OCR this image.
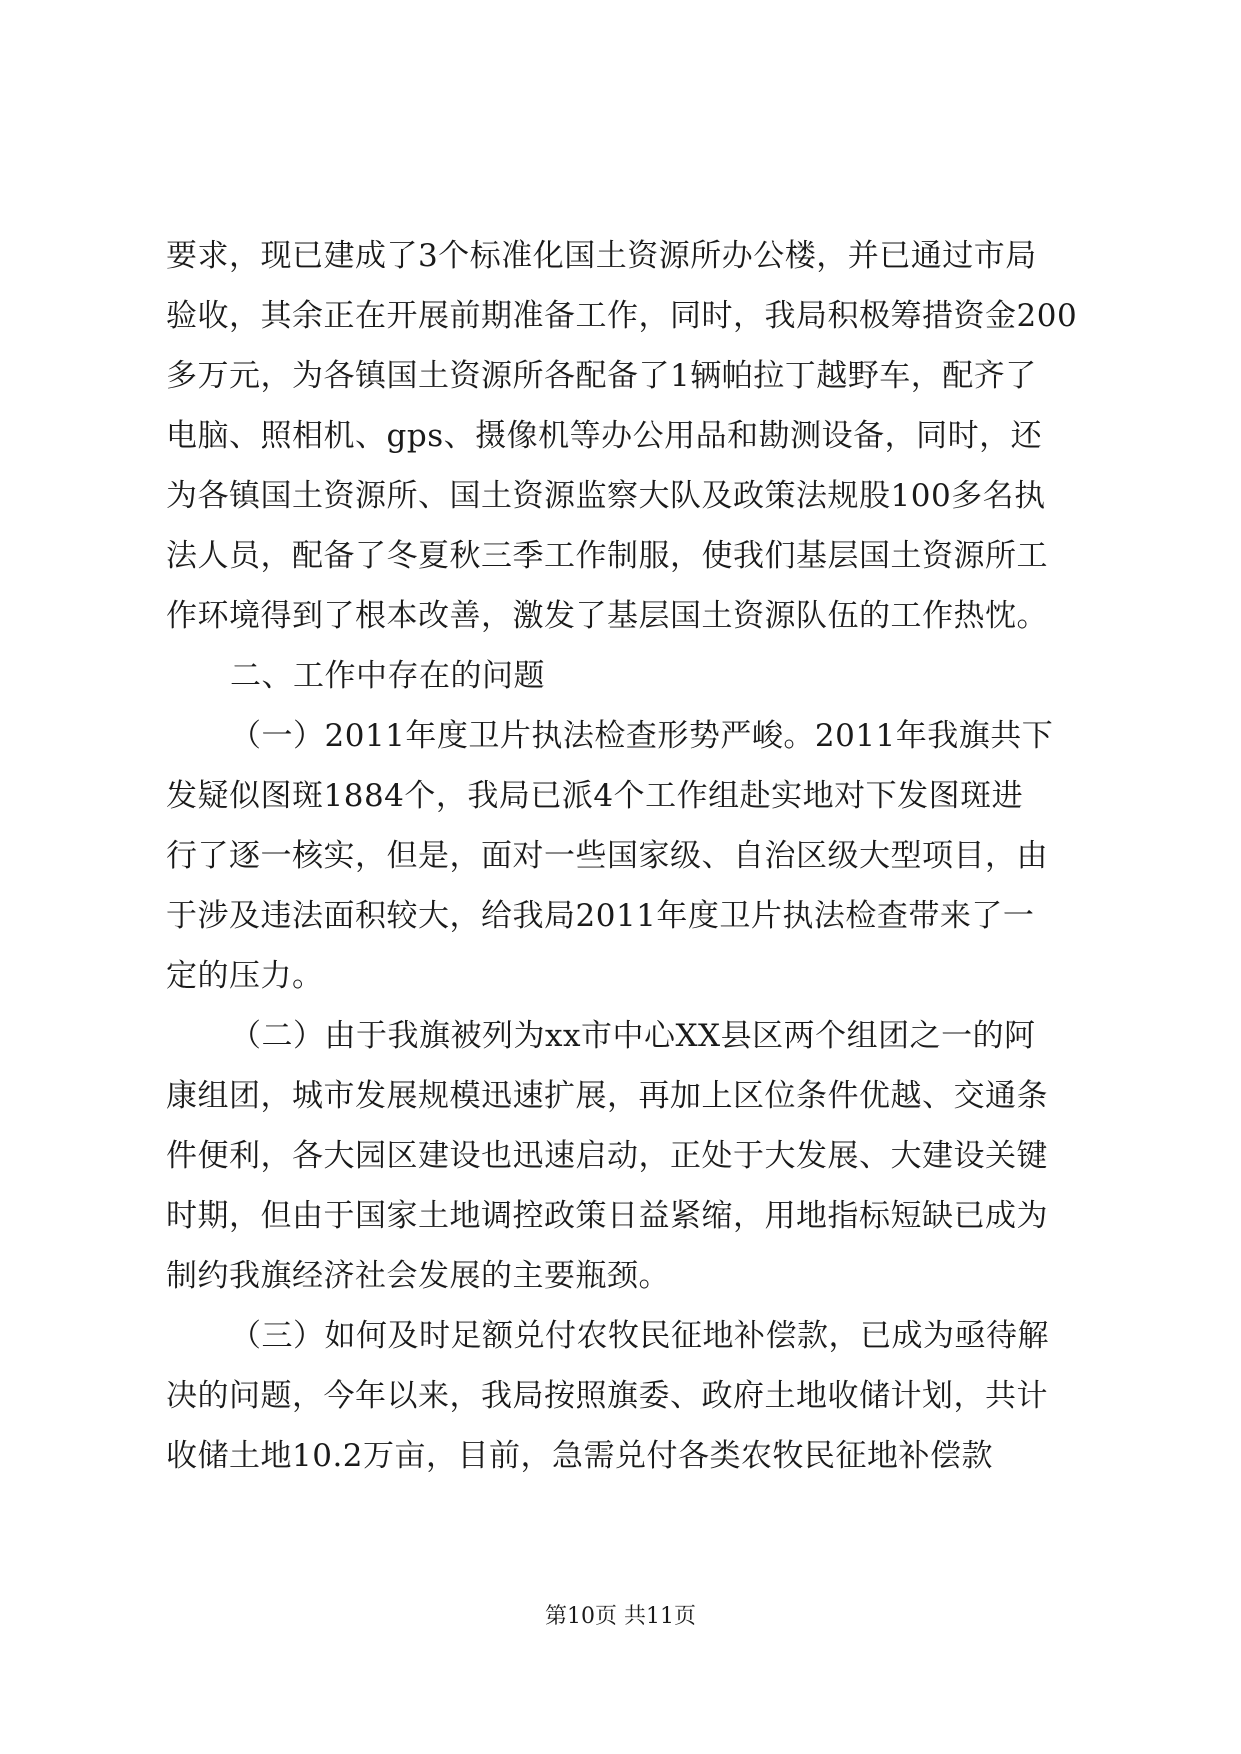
要求，现已建成了3个标准化国土资源所办公楼，并已通过市局
验收，其余正在开展前期准备工作，同时，我局积极筹措资金200
多万元，为各镇国土资源所各配备了1辆帕拉丁越野车，配齐了
电脑、照相机、gps、摄像机等办公用品和勘测设备，同时，还
为各镇国土资源所、国土资源监察大队及政策法规股100多名执
法人员，配备了冬夏秋三季工作制服，使我们基层国土资源所工
作环境得到了根本改善，激发了基层国土资源队伍的工作热忱。
二、工作中存在的问题
（一）2011年度卫片执法检查形势严峻。2011年我旗共下
发疑似图斑1884个，我局已派4个工作组赴实地对下发图斑进
行了逐一核实，但是，面对一些国家级、自治区级大型项目，由
于涉及违法面积较大，给我局2011年度卫片执法检查带来了一
定的压力。
（二）由于我旗被列为xx市中心XX县区两个组团之一的阿
康组团，城市发展规模迅速扩展，再加上区位条件优越、交通条
件便利，各大园区建设也迅速启动，正处于大发展、大建设关键
时期，但由于国家土地调控政策日益紧缩，用地指标短缺已成为
制约我旗经济社会发展的主要瓶颈。
（三）如何及时足额兑付农牧民征地补偿款，已成为亟待解
决的问题，今年以来，我局按照旗委、政府土地收储计划，共计
收储土地10.2万亩，目前，急需兑付各类农牧民征地补偿款
第10页 共11页
